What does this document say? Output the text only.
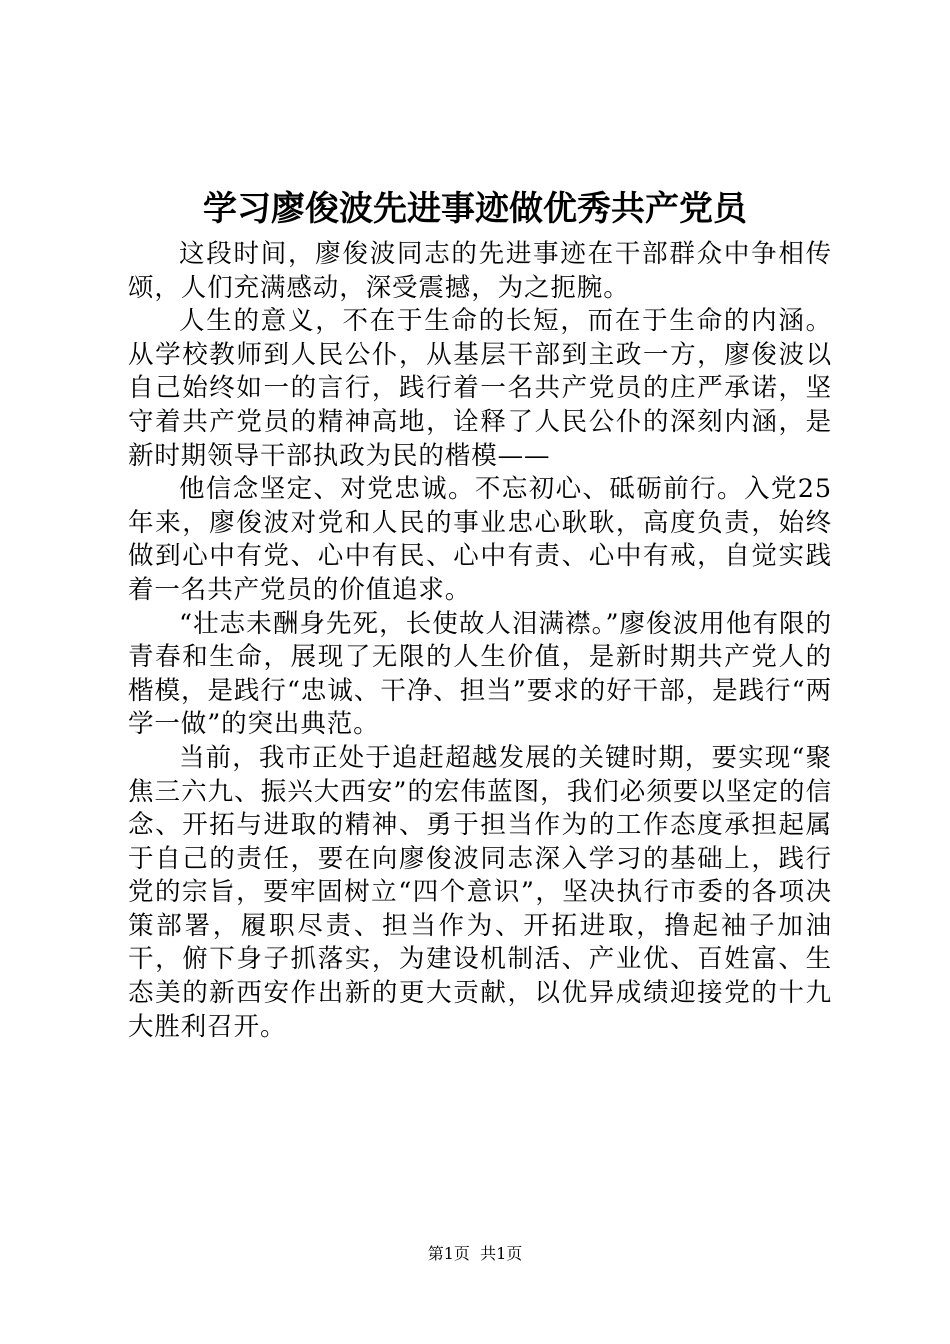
学习廖俊波先进事迹做优秀共产党员

这段时间，廖俊波同志的先进事迹在干部群众中争相传颂，人们充满感动，深受震撼，为之扼腕。

人生的意义，不在于生命的长短，而在于生命的内涵。从学校教师到人民公仆，从基层干部到主政一方，廖俊波以自己始终如一的言行，践行着一名共产党员的庄严承诺，坚守着共产党员的精神高地，诠释了人民公仆的深刻内涵，是新时期领导干部执政为民的楷模——

他信念坚定、对党忠诚。不忘初心、砥砺前行。入党25年来，廖俊波对党和人民的事业忠心耿耿，高度负责，始终做到心中有党、心中有民、心中有责、心中有戒，自觉实践着一名共产党员的价值追求。

“壮志未酬身先死，长使故人泪满襟。”廖俊波用他有限的青春和生命，展现了无限的人生价值，是新时期共产党人的楷模，是践行“忠诚、干净、担当”要求的好干部，是践行“两学一做”的突出典范。

当前，我市正处于追赶超越发展的关键时期，要实现“聚焦三六九、振兴大西安”的宏伟蓝图，我们必须要以坚定的信念、开拓与进取的精神、勇于担当作为的工作态度承担起属于自己的责任，要在向廖俊波同志深入学习的基础上，践行党的宗旨，要牢固树立“四个意识”，坚决执行市委的各项决策部署，履职尽责、担当作为、开拓进取，撸起袖子加油干，俯下身子抓落实，为建设机制活、产业优、百姓富、生态美的新西安作出新的更大贡献，以优异成绩迎接党的十九大胜利召开。

第1页  共1页
